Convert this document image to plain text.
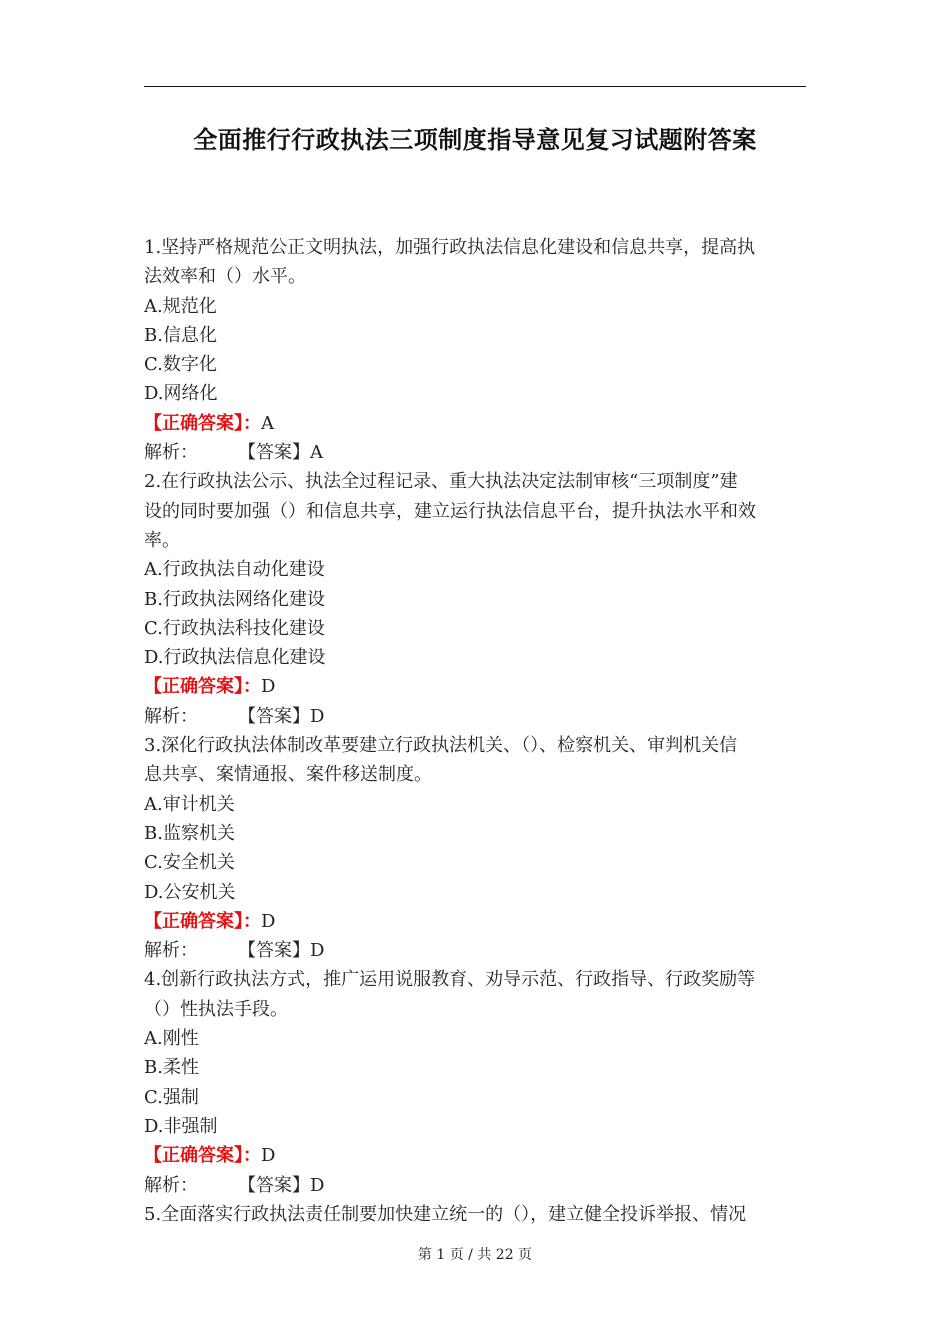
全面推行行政执法三项制度指导意见复习试题附答案
1.坚持严格规范公正文明执法，加强行政执法信息化建设和信息共享，提高执
法效率和（）水平。
A.规范化
B.信息化
C.数字化
D.网络化
【正确答案】：A
解析： 【答案】A
2.在行政执法公示、执法全过程记录、重大执法决定法制审核“三项制度”建
设的同时要加强（）和信息共享，建立运行执法信息平台，提升执法水平和效
率。
A.行政执法自动化建设
B.行政执法网络化建设
C.行政执法科技化建设
D.行政执法信息化建设
【正确答案】：D
解析： 【答案】D
3.深化行政执法体制改革要建立行政执法机关、（）、检察机关、审判机关信
息共享、案情通报、案件移送制度。
A.审计机关
B.监察机关
C.安全机关
D.公安机关
【正确答案】：D
解析： 【答案】D
4.创新行政执法方式，推广运用说服教育、劝导示范、行政指导、行政奖励等
（）性执法手段。
A.刚性
B.柔性
C.强制
D.非强制
【正确答案】：D
解析： 【答案】D
5.全面落实行政执法责任制要加快建立统一的（），建立健全投诉举报、情况
第 1 页 / 共 22 页
